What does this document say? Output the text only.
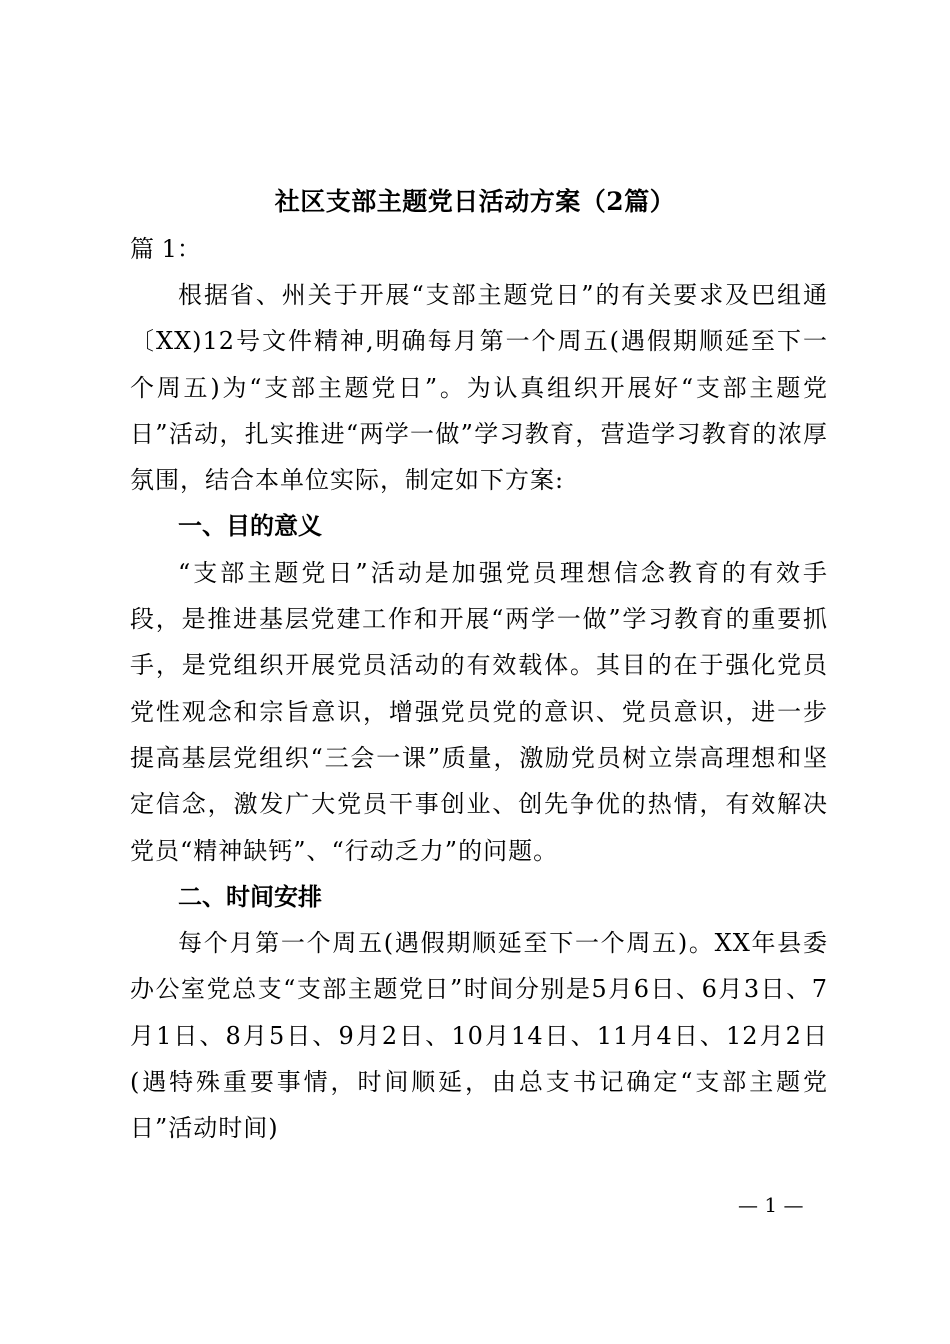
社区支部主题党日活动方案（2篇）
篇 1：

根据省、州关于开展“支部主题党日”的有关要求及巴组通〔XX)12号文件精神,明确每月第一个周五(遇假期顺延至下一个周五)为“支部主题党日”。为认真组织开展好“支部主题党日”活动，扎实推进“两学一做”学习教育，营造学习教育的浓厚氛围，结合本单位实际，制定如下方案:

一、目的意义

“支部主题党日”活动是加强党员理想信念教育的有效手段，是推进基层党建工作和开展“两学一做”学习教育的重要抓手，是党组织开展党员活动的有效载体。其目的在于强化党员党性观念和宗旨意识，增强党员党的意识、党员意识，进一步提高基层党组织“三会一课”质量，激励党员树立崇高理想和坚定信念，激发广大党员干事创业、创先争优的热情，有效解决党员“精神缺钙”、“行动乏力”的问题。

二、时间安排

每个月第一个周五(遇假期顺延至下一个周五)。XX年县委办公室党总支“支部主题党日”时间分别是5月6日、6月3日、7月1日、8月5日、9月2日、10月14日、11月4日、12月2日(遇特殊重要事情，时间顺延，由总支书记确定“支部主题党日”活动时间)

— 1 —
